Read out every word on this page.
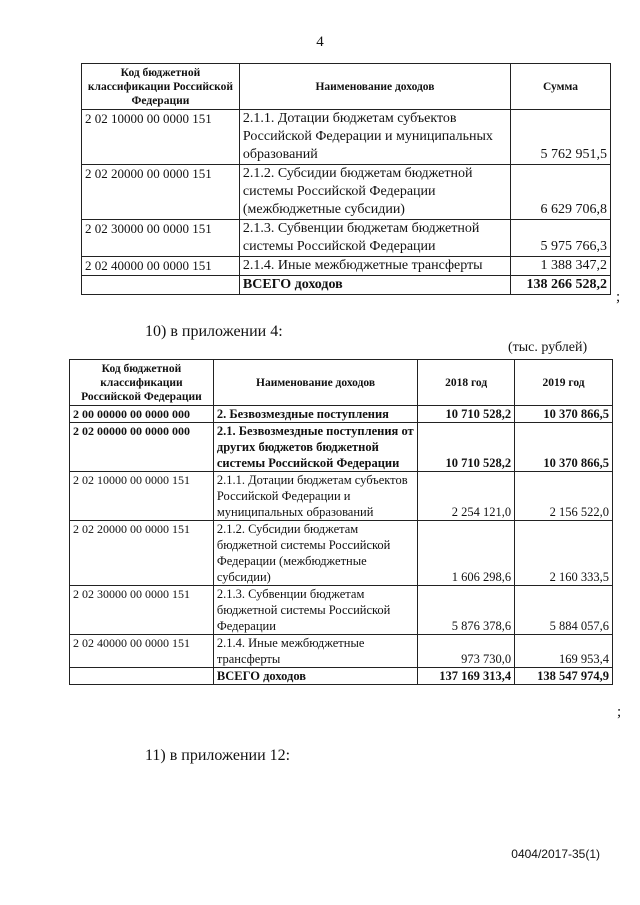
4
Код бюджетной классификации Российской Федерации	Наименование доходов	Сумма
2 02 10000 00 0000 151	2.1.1. Дотации бюджетам субъектов Российской Федерации и муниципальных образований	5 762 951,5
2 02 20000 00 0000 151	2.1.2. Субсидии бюджетам бюджетной системы Российской Федерации (межбюджетные субсидии)	6 629 706,8
2 02 30000 00 0000 151	2.1.3. Субвенции бюджетам бюджетной системы Российской Федерации	5 975 766,3
2 02 40000 00 0000 151	2.1.4. Иные межбюджетные трансферты	1 388 347,2
	ВСЕГО доходов	138 266 528,2
;
10) в приложении 4:
(тыс. рублей)
Код бюджетной классификации Российской Федерации	Наименование доходов	2018 год	2019 год
2 00 00000 00 0000 000	2. Безвозмездные поступления	10 710 528,2	10 370 866,5
2 02 00000 00 0000 000	2.1. Безвозмездные поступления от других бюджетов бюджетной системы Российской Федерации	10 710 528,2	10 370 866,5
2 02 10000 00 0000 151	2.1.1. Дотации бюджетам субъектов Российской Федерации и муниципальных образований	2 254 121,0	2 156 522,0
2 02 20000 00 0000 151	2.1.2. Субсидии бюджетам бюджетной системы Российской Федерации (межбюджетные субсидии)	1 606 298,6	2 160 333,5
2 02 30000 00 0000 151	2.1.3. Субвенции бюджетам бюджетной системы Российской Федерации	5 876 378,6	5 884 057,6
2 02 40000 00 0000 151	2.1.4. Иные межбюджетные трансферты	973 730,0	169 953,4
	ВСЕГО доходов	137 169 313,4	138 547 974,9
;
11) в приложении 12:
0404/2017-35(1)
